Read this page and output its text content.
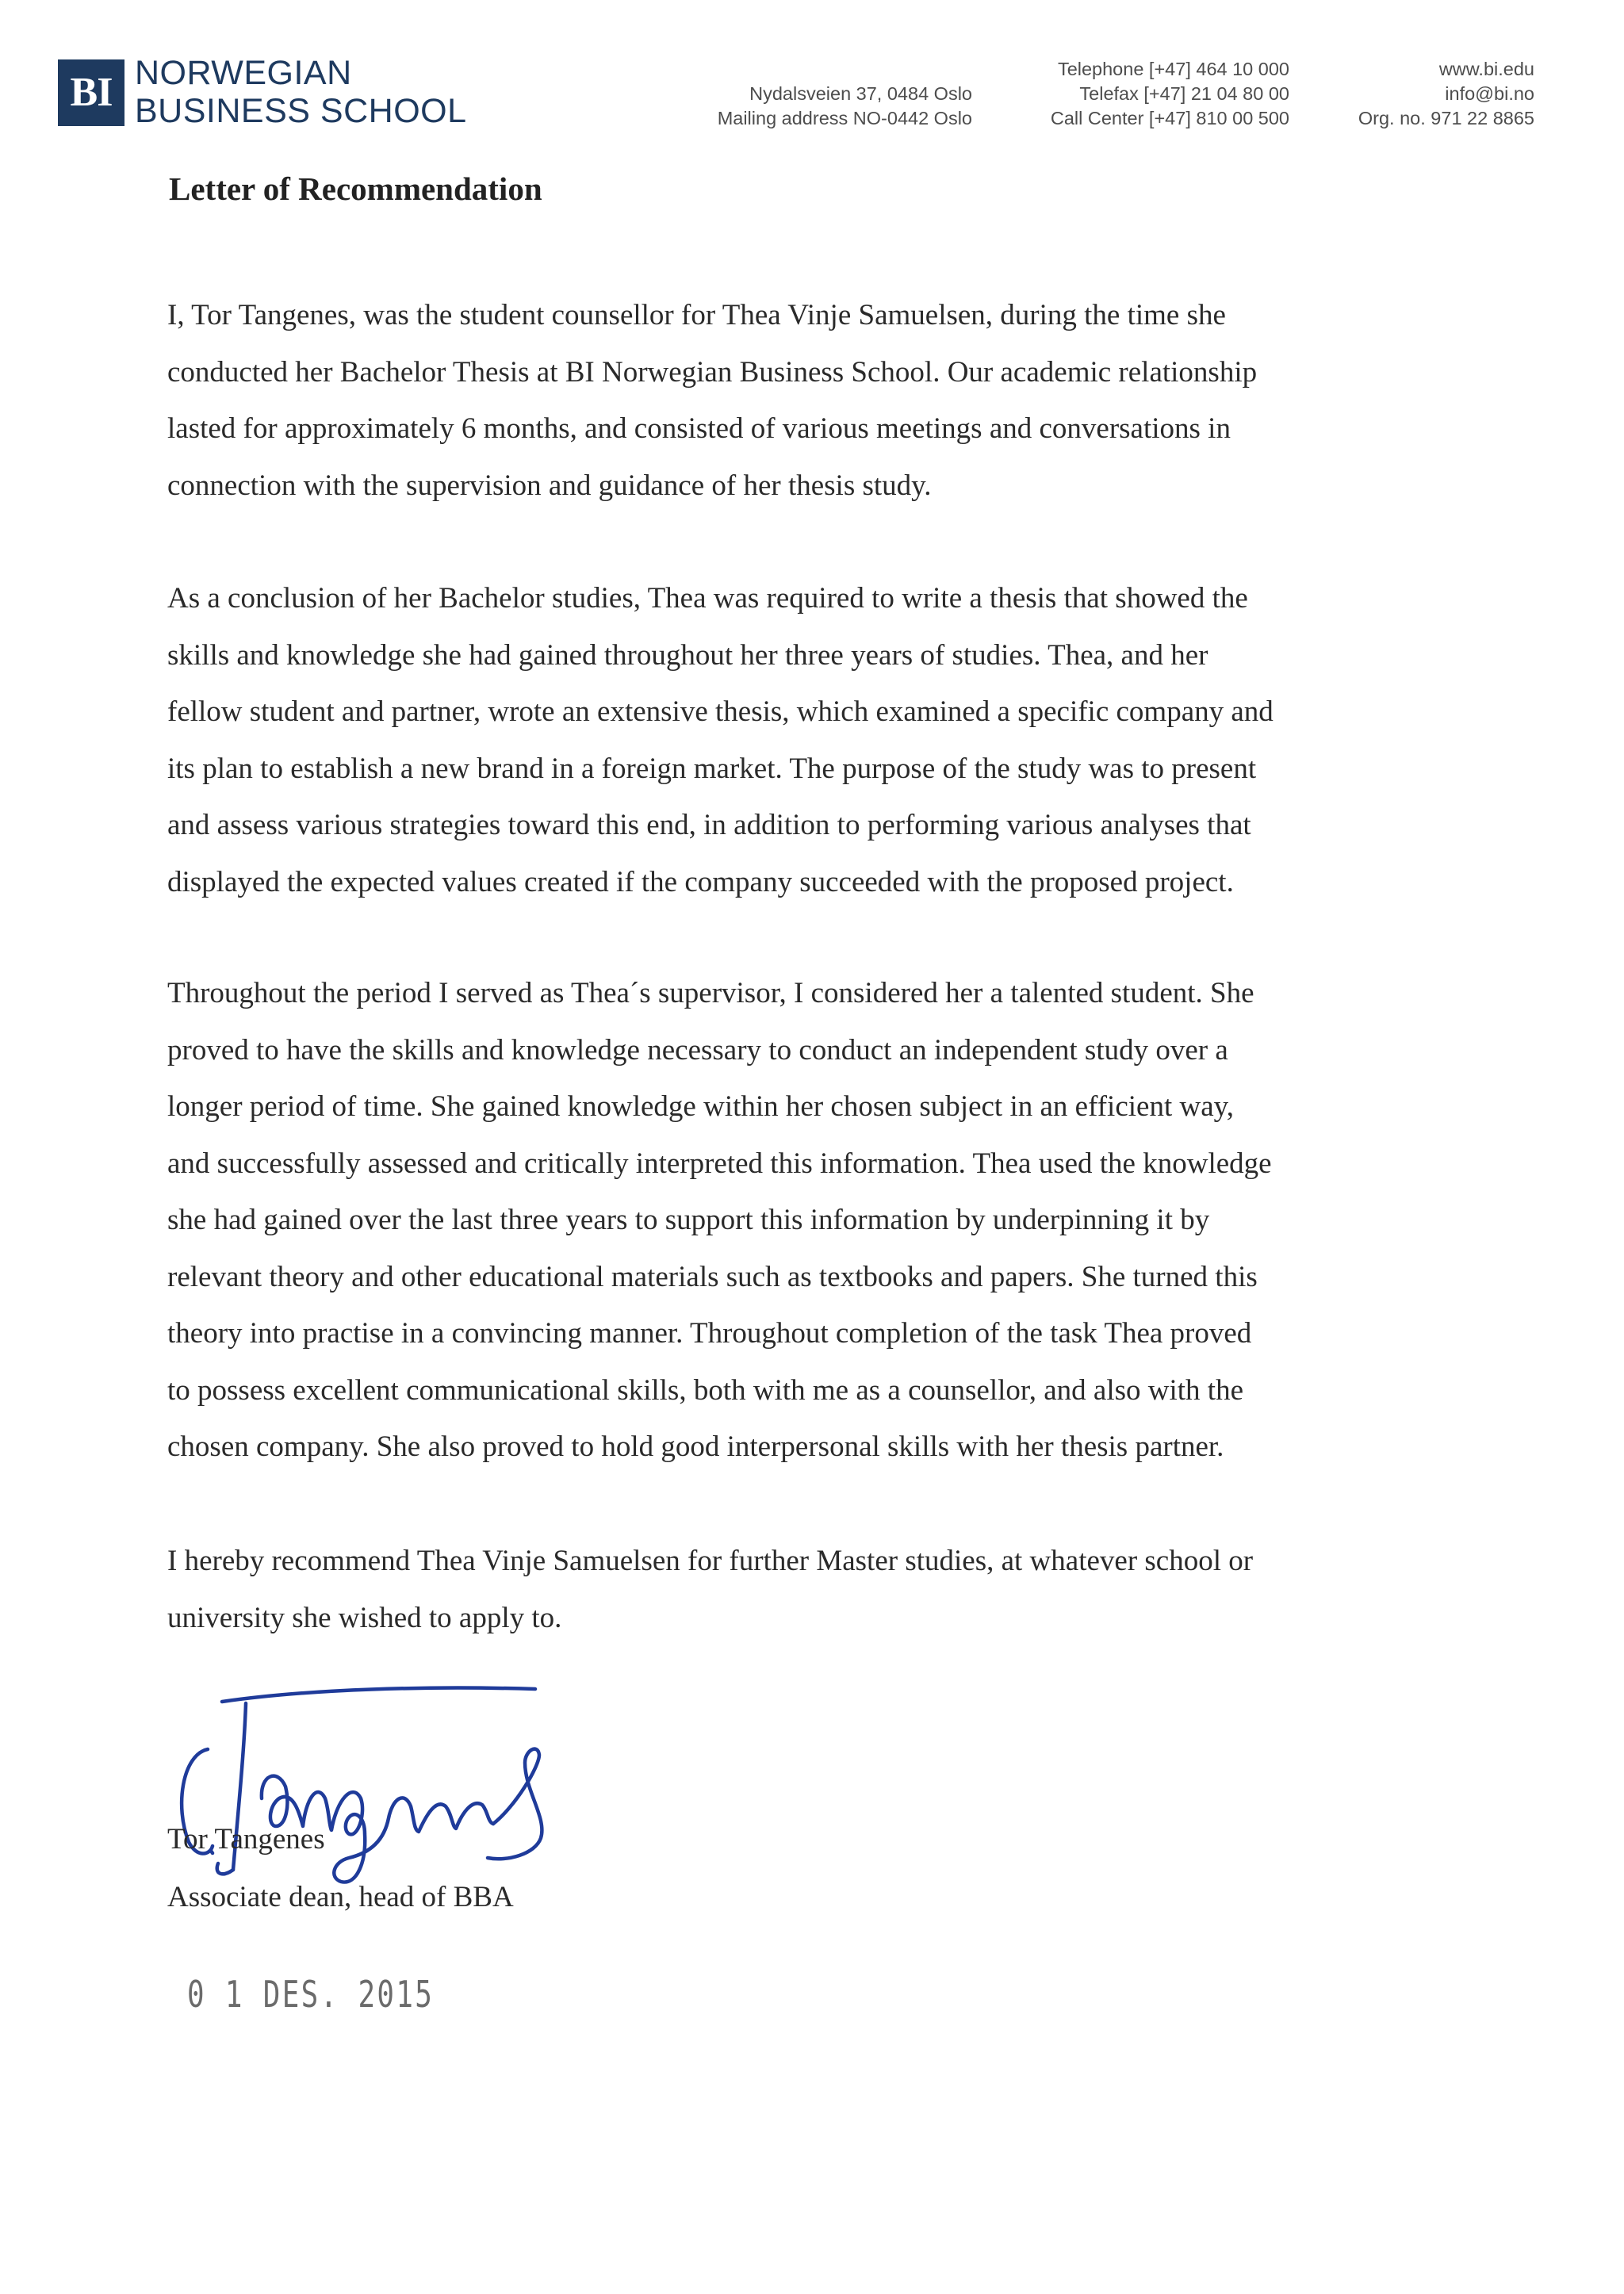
BI NORWEGIAN
BUSINESS SCHOOL	Nydalsveien 37, 0484 Oslo
Mailing address NO-0442 Oslo
Telephone [+47] 464 10 000
Telefax [+47] 21 04 80 00
Call Center [+47] 810 00 500
www.bi.edu
info@bi.no
Org. no. 971 22 8865
Letter of Recommendation
I, Tor Tangenes, was the student counsellor for Thea Vinje Samuelsen, during the time she
conducted her Bachelor Thesis at BI Norwegian Business School. Our academic relationship
lasted for approximately 6 months, and consisted of various meetings and conversations in
connection with the supervision and guidance of her thesis study.
As a conclusion of her Bachelor studies, Thea was required to write a thesis that showed the
skills and knowledge she had gained throughout her three years of studies. Thea, and her
fellow student and partner, wrote an extensive thesis, which examined a specific company and
its plan to establish a new brand in a foreign market. The purpose of the study was to present
and assess various strategies toward this end, in addition to performing various analyses that
displayed the expected values created if the company succeeded with the proposed project.
Throughout the period I served as Thea´s supervisor, I considered her a talented student. She
proved to have the skills and knowledge necessary to conduct an independent study over a
longer period of time. She gained knowledge within her chosen subject in an efficient way,
and successfully assessed and critically interpreted this information. Thea used the knowledge
she had gained over the last three years to support this information by underpinning it by
relevant theory and other educational materials such as textbooks and papers. She turned this
theory into practise in a convincing manner. Throughout completion of the task Thea proved
to possess excellent communicational skills, both with me as a counsellor, and also with the
chosen company. She also proved to hold good interpersonal skills with her thesis partner.
I hereby recommend Thea Vinje Samuelsen for further Master studies, at whatever school or
university she wished to apply to.
Tor Tangenes
Associate dean, head of BBA
0 1 DES. 2015
